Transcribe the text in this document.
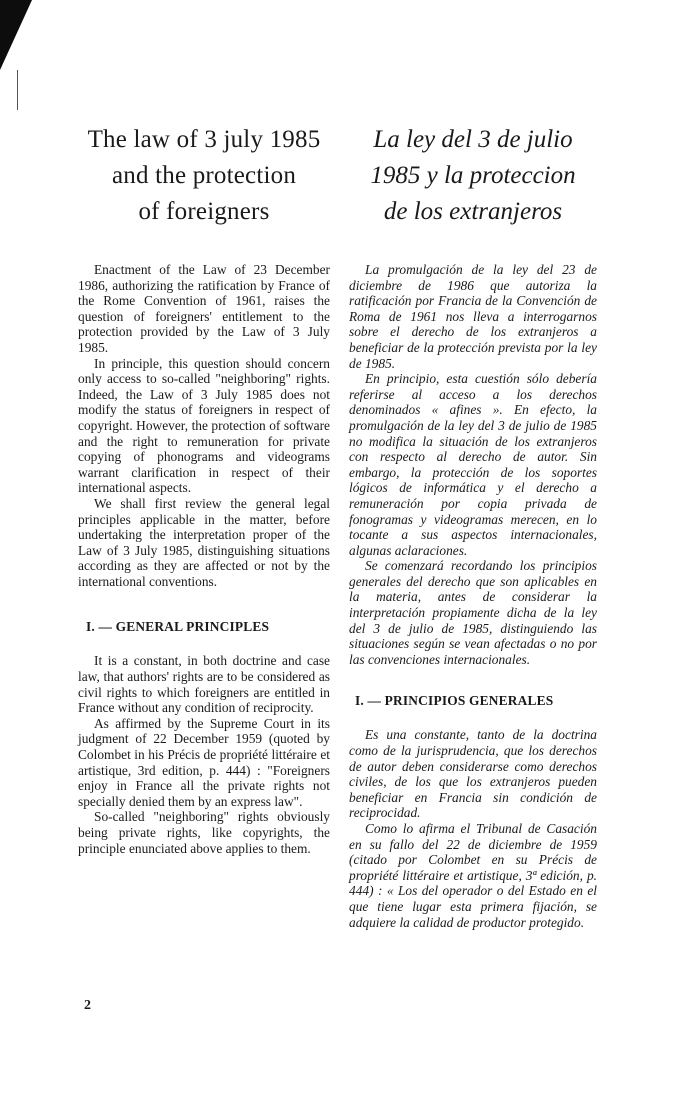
The law of 3 july 1985
and the protection
of foreigners

Enactment of the Law of 23 December 1986, authorizing the ratification by France of the Rome Convention of 1961, raises the question of foreigners' entitlement to the protection provided by the Law of 3 July 1985.

In principle, this question should concern only access to so-called "neighboring" rights. Indeed, the Law of 3 July 1985 does not modify the status of foreigners in respect of copyright. However, the protection of software and the right to remuneration for private copying of phonograms and videograms warrant clarification in respect of their international aspects.

We shall first review the general legal principles applicable in the matter, before undertaking the interpretation proper of the Law of 3 July 1985, distinguishing situations according as they are affected or not by the international conventions.

I. — GENERAL PRINCIPLES

It is a constant, in both doctrine and case law, that authors' rights are to be considered as civil rights to which foreigners are entitled in France without any condition of reciprocity.

As affirmed by the Supreme Court in its judgment of 22 December 1959 (quoted by Colombet in his Précis de propriété littéraire et artistique, 3rd edition, p. 444) : "Foreigners enjoy in France all the private rights not specially denied them by an express law".

So-called "neighboring" rights obviously being private rights, like copyrights, the principle enunciated above applies to them.

La ley del 3 de julio
1985 y la proteccion
de los extranjeros

La promulgación de la ley del 23 de diciembre de 1986 que autoriza la ratificación por Francia de la Convención de Roma de 1961 nos lleva a interrogarnos sobre el derecho de los extranjeros a beneficiar de la protección prevista por la ley de 1985.

En principio, esta cuestión sólo debería referirse al acceso a los derechos denominados « afines ». En efecto, la promulgación de la ley del 3 de julio de 1985 no modifica la situación de los extranjeros con respecto al derecho de autor. Sin embargo, la protección de los soportes lógicos de informática y el derecho a remuneración por copia privada de fonogramas y videogramas merecen, en lo tocante a sus aspectos internacionales, algunas aclaraciones.

Se comenzará recordando los principios generales del derecho que son aplicables en la materia, antes de considerar la interpretación propiamente dicha de la ley del 3 de julio de 1985, distinguiendo las situaciones según se vean afectadas o no por las convenciones internacionales.

I. — PRINCIPIOS GENERALES

Es una constante, tanto de la doctrina como de la jurisprudencia, que los derechos de autor deben considerarse como derechos civiles, de los que los extranjeros pueden beneficiar en Francia sin condición de reciprocidad.

Como lo afirma el Tribunal de Casación en su fallo del 22 de diciembre de 1959 (citado por Colombet en su Précis de propriété littéraire et artistique, 3ª edición, p. 444) : « Los del operador o del Estado en el que tiene lugar esta primera fijación, se adquiere la calidad de productor protegido.

2
